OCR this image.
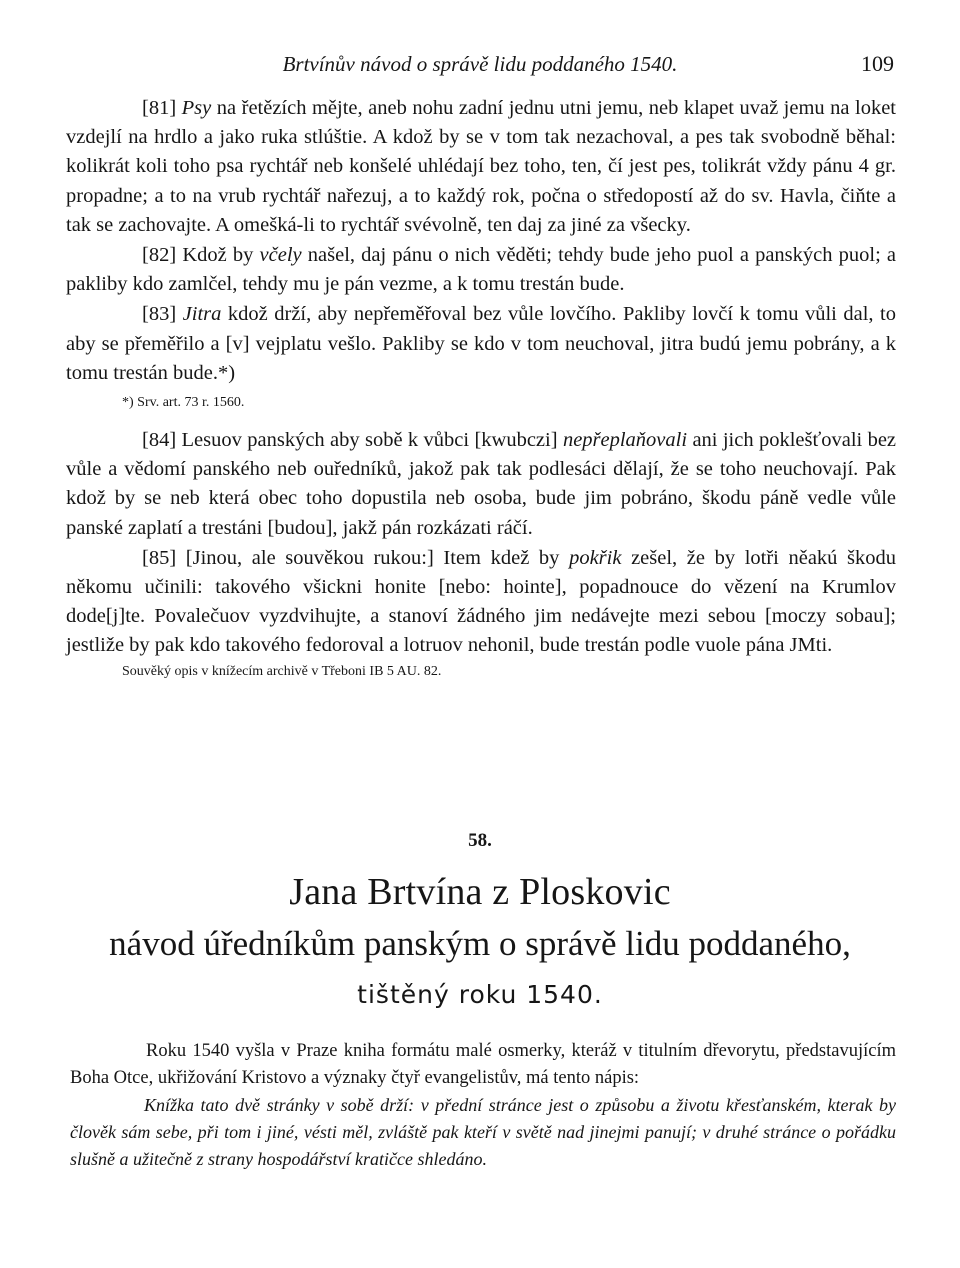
Brtvínův návod o správě lidu poddaného 1540.	109

[81] Psy na řetězích mějte, aneb nohu zadní jednu utni jemu, neb klapet uvaž jemu na loket vzdejlí na hrdlo a jako ruka stlúštie. A kdož by se v tom tak nezachoval, a pes tak svobodně běhal: kolikrát koli toho psa rychtář neb konšelé uhlédají bez toho, ten, čí jest pes, tolikrát vždy pánu 4 gr. propadne; a to na vrub rychtář nařezuj, a to každý rok, počna o středopostí až do sv. Havla, čiňte a tak se zachovajte. A omešká-li to rychtář svévolně, ten daj za jiné za všecky.

[82] Kdož by včely našel, daj pánu o nich věděti; tehdy bude jeho puol a panských puol; a pakliby kdo zamlčel, tehdy mu je pán vezme, a k tomu trestán bude.

[83] Jitra kdož drží, aby nepřeměřoval bez vůle lovčího. Pakliby lovčí k tomu vůli dal, to aby se přeměřilo a [v] vejplatu vešlo. Pakliby se kdo v tom neuchoval, jitra budú jemu pobrány, a k tomu trestán bude.*)

*) Srv. art. 73 r. 1560.

[84] Lesuov panských aby sobě k vůbci [kwubczi] nepřeplaňovali ani jich poklešťovali bez vůle a vědomí panského neb ouředníků, jakož pak tak podlesáci dělají, že se toho neuchovají. Pak kdož by se neb která obec toho dopustila neb osoba, bude jim pobráno, škodu páně vedle vůle panské zaplatí a trestáni [budou], jakž pán rozkázati ráčí.

[85] [Jinou, ale souvěkou rukou:] Item kdež by pokřik zešel, že by lotři něakú škodu někomu učinili: takového všickni honite [nebo: hointe], popadnouce do vězení na Krumlov dode[j]te. Povalečuov vyzdvihujte, a stanoví žádného jim nedávejte mezi sebou [moczy sobau]; jestliže by pak kdo takového fedoroval a lotruov nehonil, bude trestán podle vuole pána JMti.

Souvěký opis v knížecím archivě v Třeboni IB 5 AU. 82.
58.
Jana Brtvína z Ploskovic
návod úředníkům panským o správě lidu poddaného,
tištěný roku 1540.

Roku 1540 vyšla v Praze kniha formátu malé osmerky, kteráž v titulním dřevorytu, představujícím Boha Otce, ukřižování Kristovo a význaky čtyř evangelistův, má tento nápis:

Knížka tato dvě stránky v sobě drží: v přední stránce jest o způsobu a životu křesťanském, kterak by člověk sám sebe, při tom i jiné, vésti měl, zvláště pak kteří v světě nad jinejmi panují; v druhé stránce o pořádku slušně a užitečně z strany hospodářství kratičce shledáno.
